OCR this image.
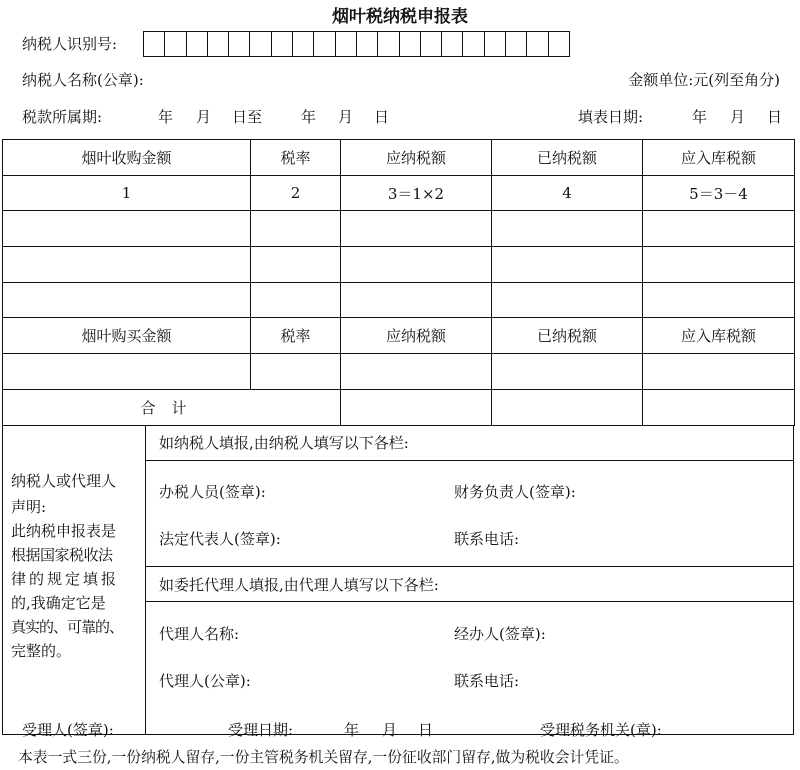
烟叶税纳税申报表
纳税人识别号:
纳税人名称(公章):	金额单位:元(列至角分)
税款所属期:	年 月 日至	年 月 日	填表日期:	年 月 日
烟叶收购金额	税率	应纳税额	已纳税额	应入库税额
1	2	3＝1×2	4	5＝3－4

烟叶购买金额	税率	应纳税额	已纳税额	应入库税额

合计				
纳税人或代理人
声明:
此纳税申报表是
根据国家税收法
律的规定填报
的,我确定它是
真实的、可靠的、
完整的。
如纳税人填报,由纳税人填写以下各栏:
办税人员(签章):	财务负责人(签章):
法定代表人(签章):	联系电话:
如委托代理人填报,由代理人填写以下各栏:
代理人名称:	经办人(签章):
代理人(公章):	联系电话:
受理人(签章):	受理日期:	年 月 日	受理税务机关(章):
本表一式三份,一份纳税人留存,一份主管税务机关留存,一份征收部门留存,做为税收会计凭证。
